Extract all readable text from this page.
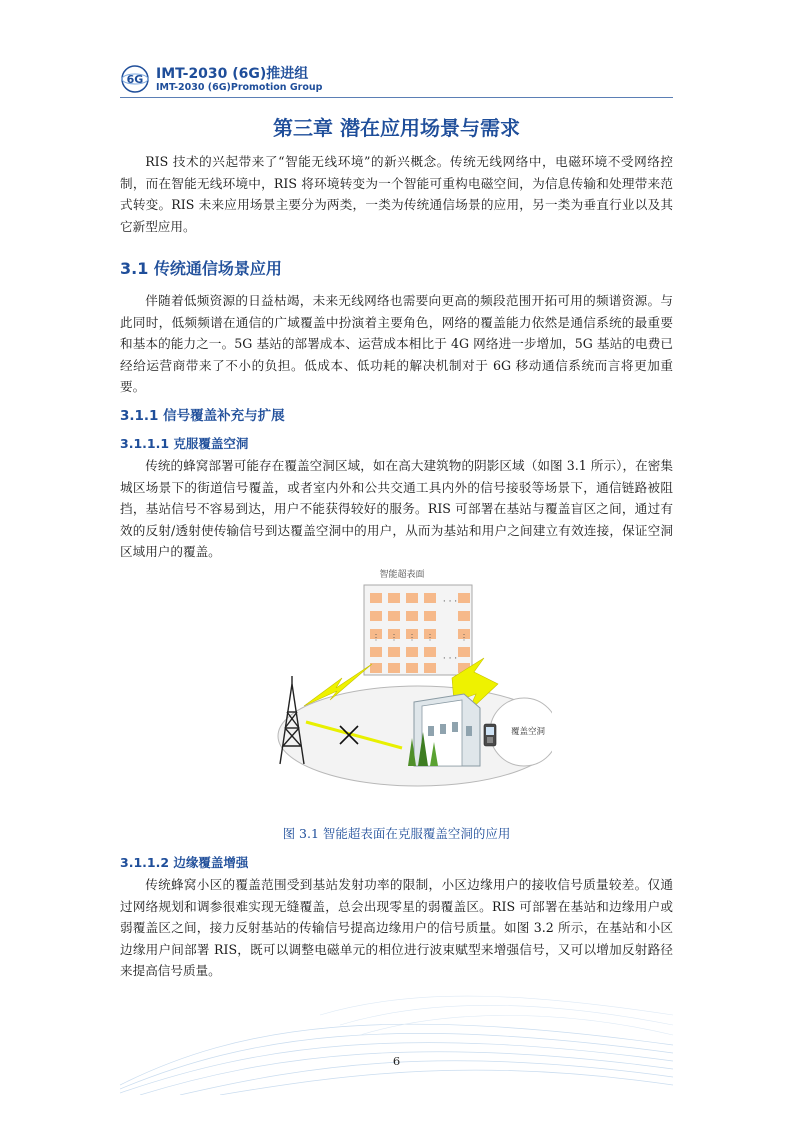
6G IMT-2030 (6G)推进组
IMT-2030 (6G)Promotion Group
第三章 潜在应用场景与需求

RIS 技术的兴起带来了“智能无线环境”的新兴概念。传统无线网络中，电磁环境不受网络控制，而在智能无线环境中，RIS 将环境转变为一个智能可重构电磁空间，为信息传输和处理带来范式转变。RIS 未来应用场景主要分为两类，一类为传统通信场景的应用，另一类为垂直行业以及其它新型应用。

3.1 传统通信场景应用

伴随着低频资源的日益枯竭，未来无线网络也需要向更高的频段范围开拓可用的频谱资源。与此同时，低频频谱在通信的广域覆盖中扮演着主要角色，网络的覆盖能力依然是通信系统的最重要和基本的能力之一。5G 基站的部署成本、运营成本相比于 4G 网络进一步增加，5G 基站的电费已经给运营商带来了不小的负担。低成本、低功耗的解决机制对于 6G 移动通信系统而言将更加重要。

3.1.1 信号覆盖补充与扩展
3.1.1.1 克服覆盖空洞

传统的蜂窝部署可能存在覆盖空洞区域，如在高大建筑物的阴影区域（如图 3.1 所示），在密集城区场景下的街道信号覆盖，或者室内外和公共交通工具内外的信号接驳等场景下，通信链路被阻挡，基站信号不容易到达，用户不能获得较好的服务。RIS 可部署在基站与覆盖盲区之间，通过有效的反射/透射使传输信号到达覆盖空洞中的用户，从而为基站和用户之间建立有效连接，保证空洞区域用户的覆盖。

智能超表面
⋮ ⋮ ⋮ ⋮	⋮
· · ·
· · ·
覆盖空洞
图 3.1 智能超表面在克服覆盖空洞的应用
3.1.1.2 边缘覆盖增强

传统蜂窝小区的覆盖范围受到基站发射功率的限制，小区边缘用户的接收信号质量较差。仅通过网络规划和调参很难实现无缝覆盖，总会出现零星的弱覆盖区。RIS 可部署在基站和边缘用户或弱覆盖区之间，接力反射基站的传输信号提高边缘用户的信号质量。如图 3.2 所示，在基站和小区边缘用户间部署 RIS，既可以调整电磁单元的相位进行波束赋型来增强信号，又可以增加反射路径来提高信号质量。

6
